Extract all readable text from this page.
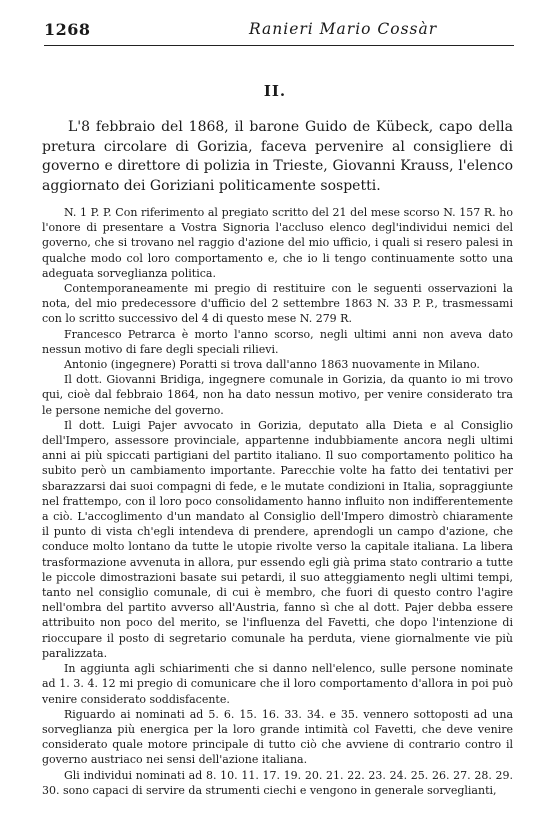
1268	Ranieri Mario Cossàr
II.

L'8 febbraio del 1868, il barone Guido de Kübeck, capo della pretura circolare di Gorizia, faceva pervenire al consigliere di governo e direttore di polizia in Trieste, Giovanni Krauss, l'elenco aggiornato dei Goriziani politicamente sospetti.

N. 1 P. P. Con riferimento al pregiato scritto del 21 del mese scorso N. 157 R. ho l'onore di presentare a Vostra Signoria l'accluso elenco degl'individui nemici del governo, che si trovano nel raggio d'azione del mio ufficio, i quali si resero palesi in qualche modo col loro comportamento e, che io li tengo continuamente sotto una adeguata sorveglianza politica.

Contemporaneamente mi pregio di restituire con le seguenti osservazioni la nota, del mio predecessore d'ufficio del 2 settembre 1863 N. 33 P. P., trasmessami con lo scritto successivo del 4 di questo mese N. 279 R.

Francesco Petrarca è morto l'anno scorso, negli ultimi anni non aveva dato nessun motivo di fare degli speciali rilievi.

Antonio (ingegnere) Poratti si trova dall'anno 1863 nuovamente in Milano.

Il dott. Giovanni Bridiga, ingegnere comunale in Gorizia, da quanto io mi trovo qui, cioè dal febbraio 1864, non ha dato nessun motivo, per venire considerato tra le persone nemiche del governo.

Il dott. Luigi Pajer avvocato in Gorizia, deputato alla Dieta e al Consiglio dell'Impero, assessore provinciale, appartenne indubbiamente ancora negli ultimi anni ai più spiccati partigiani del partito italiano. Il suo comportamento politico ha subito però un cambiamento importante. Parecchie volte ha fatto dei tentativi per sbarazzarsi dai suoi compagni di fede, e le mutate condizioni in Italia, sopraggiunte nel frattempo, con il loro poco consolidamento hanno influito non indifferentemente a ciò. L'accoglimento d'un mandato al Consiglio dell'Impero dimostrò chiaramente il punto di vista ch'egli intendeva di prendere, aprendogli un campo d'azione, che conduce molto lontano da tutte le utopie rivolte verso la capitale italiana. La libera trasformazione avvenuta in allora, pur essendo egli già prima stato contrario a tutte le piccole dimostrazioni basate sui petardi, il suo atteggiamento negli ultimi tempi, tanto nel consiglio comunale, di cui è membro, che fuori di questo contro l'agire nell'ombra del partito avverso all'Austria, fanno sì che al dott. Pajer debba essere attribuito non poco del merito, se l'influenza del Favetti, che dopo l'intenzione di rioccupare il posto di segretario comunale ha perduta, viene giornalmente vie più paralizzata.

In aggiunta agli schiarimenti che si danno nell'elenco, sulle persone nominate ad 1. 3. 4. 12 mi pregio di comunicare che il loro comportamento d'allora in poi può venire considerato soddisfacente.

Riguardo ai nominati ad 5. 6. 15. 16. 33. 34. e 35. vennero sottoposti ad una sorveglianza più energica per la loro grande intimità col Favetti, che deve venire considerato quale motore principale di tutto ciò che avviene di contrario contro il governo austriaco nei sensi dell'azione italiana.

Gli individui nominati ad 8. 10. 11. 17. 19. 20. 21. 22. 23. 24. 25. 26. 27. 28. 29. 30. sono capaci di servire da strumenti ciechi e vengono in generale sorveglianti,
